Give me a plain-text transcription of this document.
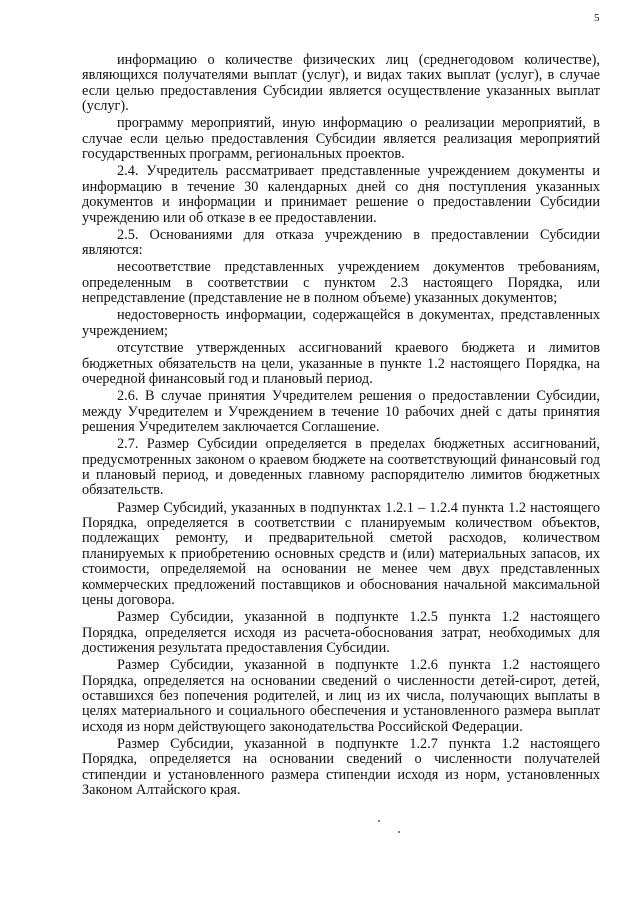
5

информацию о количестве физических лиц (среднегодовом количестве), являющихся получателями выплат (услуг), и видах таких выплат (услуг), в случае если целью предоставления Субсидии является осуществление указанных выплат (услуг).

программу мероприятий, иную информацию о реализации мероприятий, в случае если целью предоставления Субсидии является реализация мероприятий государственных программ, региональных проектов.

2.4. Учредитель рассматривает представленные учреждением документы и информацию в течение 30 календарных дней со дня поступления указанных документов и информации и принимает решение о предоставлении Субсидии учреждению или об отказе в ее предоставлении.

2.5. Основаниями для отказа учреждению в предоставлении Субсидии являются:

несоответствие представленных учреждением документов требованиям, определенным в соответствии с пунктом 2.3 настоящего Порядка, или непредставление (представление не в полном объеме) указанных документов;

недостоверность информации, содержащейся в документах, представленных учреждением;

отсутствие утвержденных ассигнований краевого бюджета и лимитов бюджетных обязательств на цели, указанные в пункте 1.2 настоящего Порядка, на очередной финансовый год и плановый период.

2.6. В случае принятия Учредителем решения о предоставлении Субсидии, между Учредителем и Учреждением в течение 10 рабочих дней с даты принятия решения Учредителем заключается Соглашение.

2.7. Размер Субсидии определяется в пределах бюджетных ассигнований, предусмотренных законом о краевом бюджете на соответствующий финансовый год и плановый период, и доведенных главному распорядителю лимитов бюджетных обязательств.

Размер Субсидий, указанных в подпунктах 1.2.1 – 1.2.4 пункта 1.2 настоящего Порядка, определяется в соответствии с планируемым количеством объектов, подлежащих ремонту, и предварительной сметой расходов, количеством планируемых к приобретению основных средств и (или) материальных запасов, их стоимости, определяемой на основании не менее чем двух представленных коммерческих предложений поставщиков и обоснования начальной максимальной цены договора.

Размер Субсидии, указанной в подпункте 1.2.5 пункта 1.2 настоящего Порядка, определяется исходя из расчета-обоснования затрат, необходимых для достижения результата предоставления Субсидии.

Размер Субсидии, указанной в подпункте 1.2.6 пункта 1.2 настоящего Порядка, определяется на основании сведений о численности детей-сирот, детей, оставшихся без попечения родителей, и лиц из их числа, получающих выплаты в целях материального и социального обеспечения и установленного размера выплат исходя из норм действующего законодательства Российской Федерации.

Размер Субсидии, указанной в подпункте 1.2.7 пункта 1.2 настоящего Порядка, определяется на основании сведений о численности получателей стипендии и установленного размера стипендии исходя из норм, установленных Законом Алтайского края.
